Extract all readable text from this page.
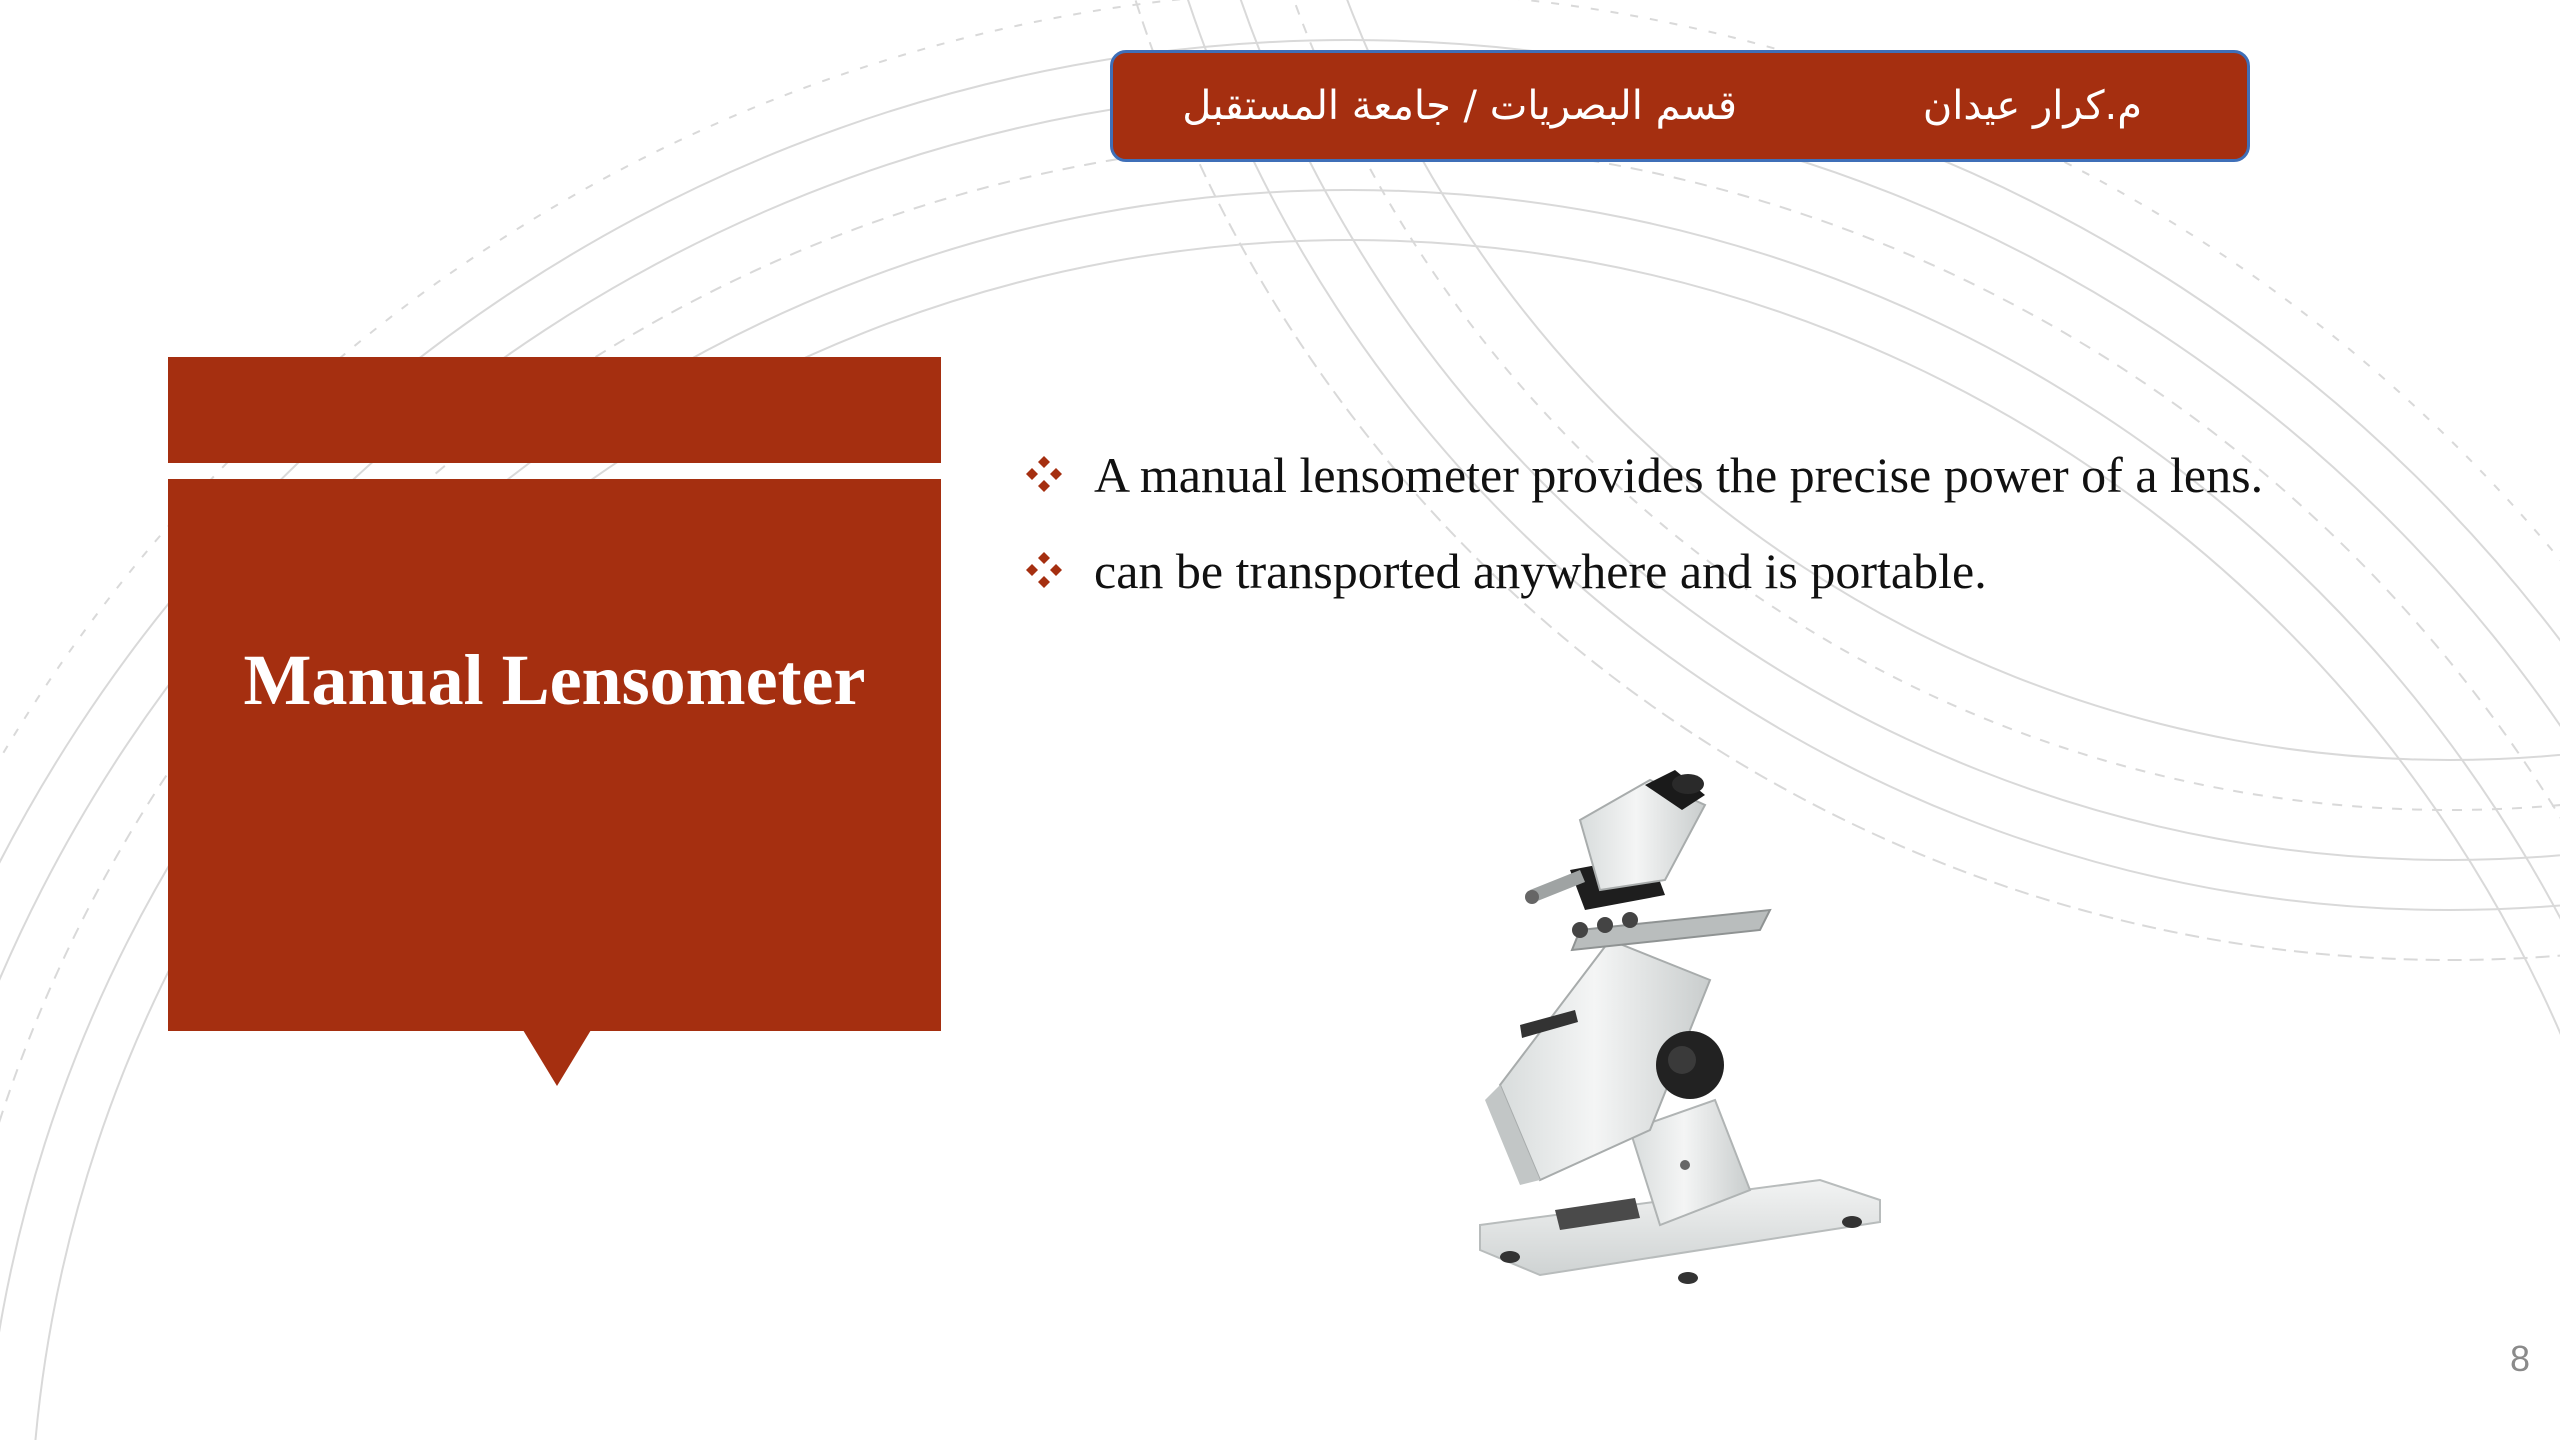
م.كرار عيدان
قسم البصريات / جامعة المستقبل
Manual Lensometer
A manual lensometer provides the precise power of a lens.
can be transported anywhere and is portable.
8
